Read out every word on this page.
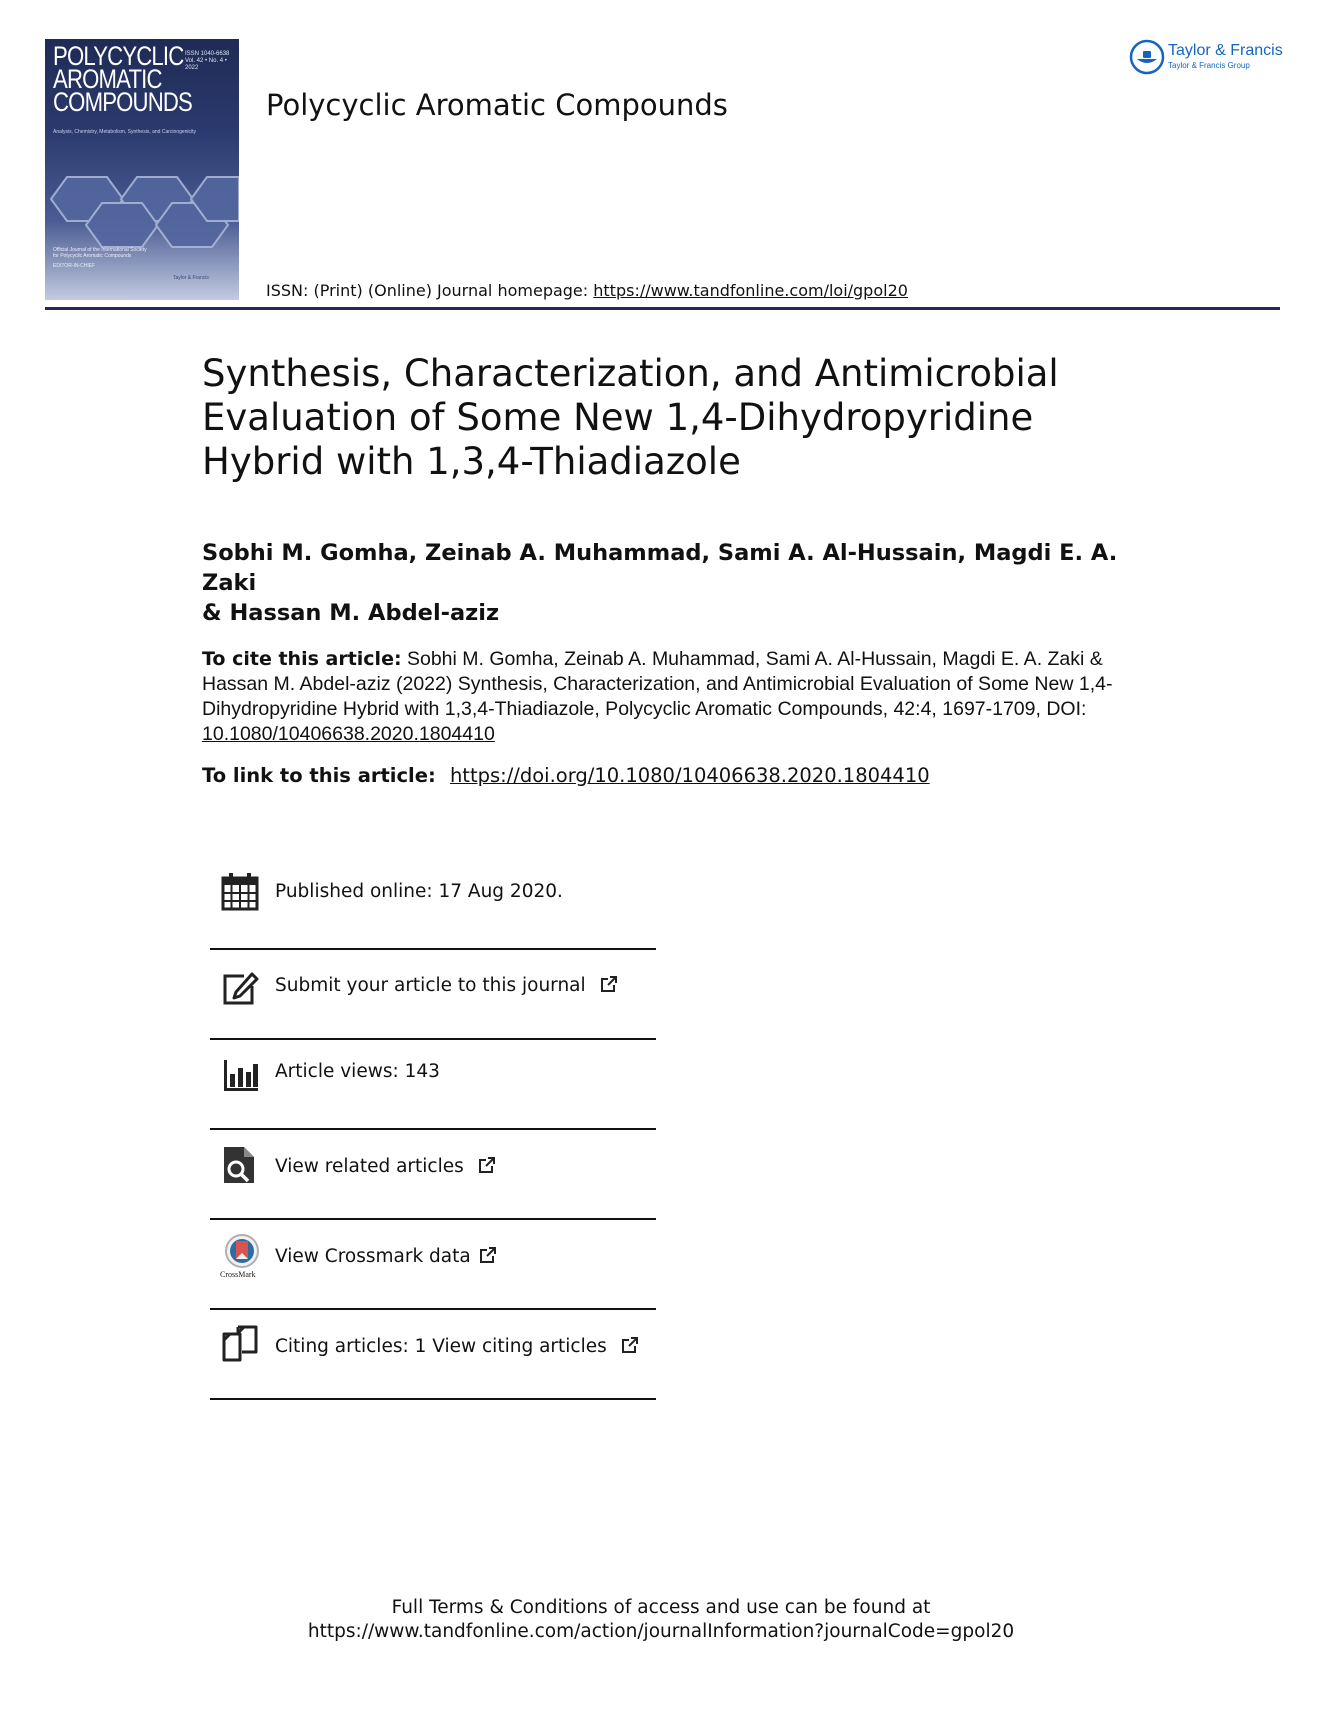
POLYCYCLIC
AROMATIC
COMPOUNDS
ISSN 1040-6638
Vol. 42 • No. 4 • 2022
Analysis, Chemistry, Metabolism, Synthesis, and Carcinogenicity
Official Journal of the International Society for Polycyclic Aromatic Compounds
EDITOR-IN-CHIEF
Taylor & Francis
Polycyclic Aromatic Compounds
ISSN: (Print) (Online) Journal homepage: https://www.tandfonline.com/loi/gpol20
Taylor & Francis
Taylor & Francis Group
Synthesis, Characterization, and Antimicrobial
Evaluation of Some New 1,4-Dihydropyridine
Hybrid with 1,3,4-Thiadiazole
Sobhi M. Gomha, Zeinab A. Muhammad, Sami A. Al-Hussain, Magdi E. A. Zaki
& Hassan M. Abdel-aziz
To cite this article: Sobhi M. Gomha, Zeinab A. Muhammad, Sami A. Al-Hussain, Magdi E. A. Zaki & Hassan M. Abdel-aziz (2022) Synthesis, Characterization, and Antimicrobial Evaluation of Some New 1,4-Dihydropyridine Hybrid with 1,3,4-Thiadiazole, Polycyclic Aromatic Compounds, 42:4, 1697-1709, DOI: 10.1080/10406638.2020.1804410
To link to this article: https://doi.org/10.1080/10406638.2020.1804410
Published online: 17 Aug 2020.
Submit your article to this journal
Article views: 143
View related articles
CrossMark
View Crossmark data
Citing articles: 1 View citing articles
Full Terms & Conditions of access and use can be found at
https://www.tandfonline.com/action/journalInformation?journalCode=gpol20
